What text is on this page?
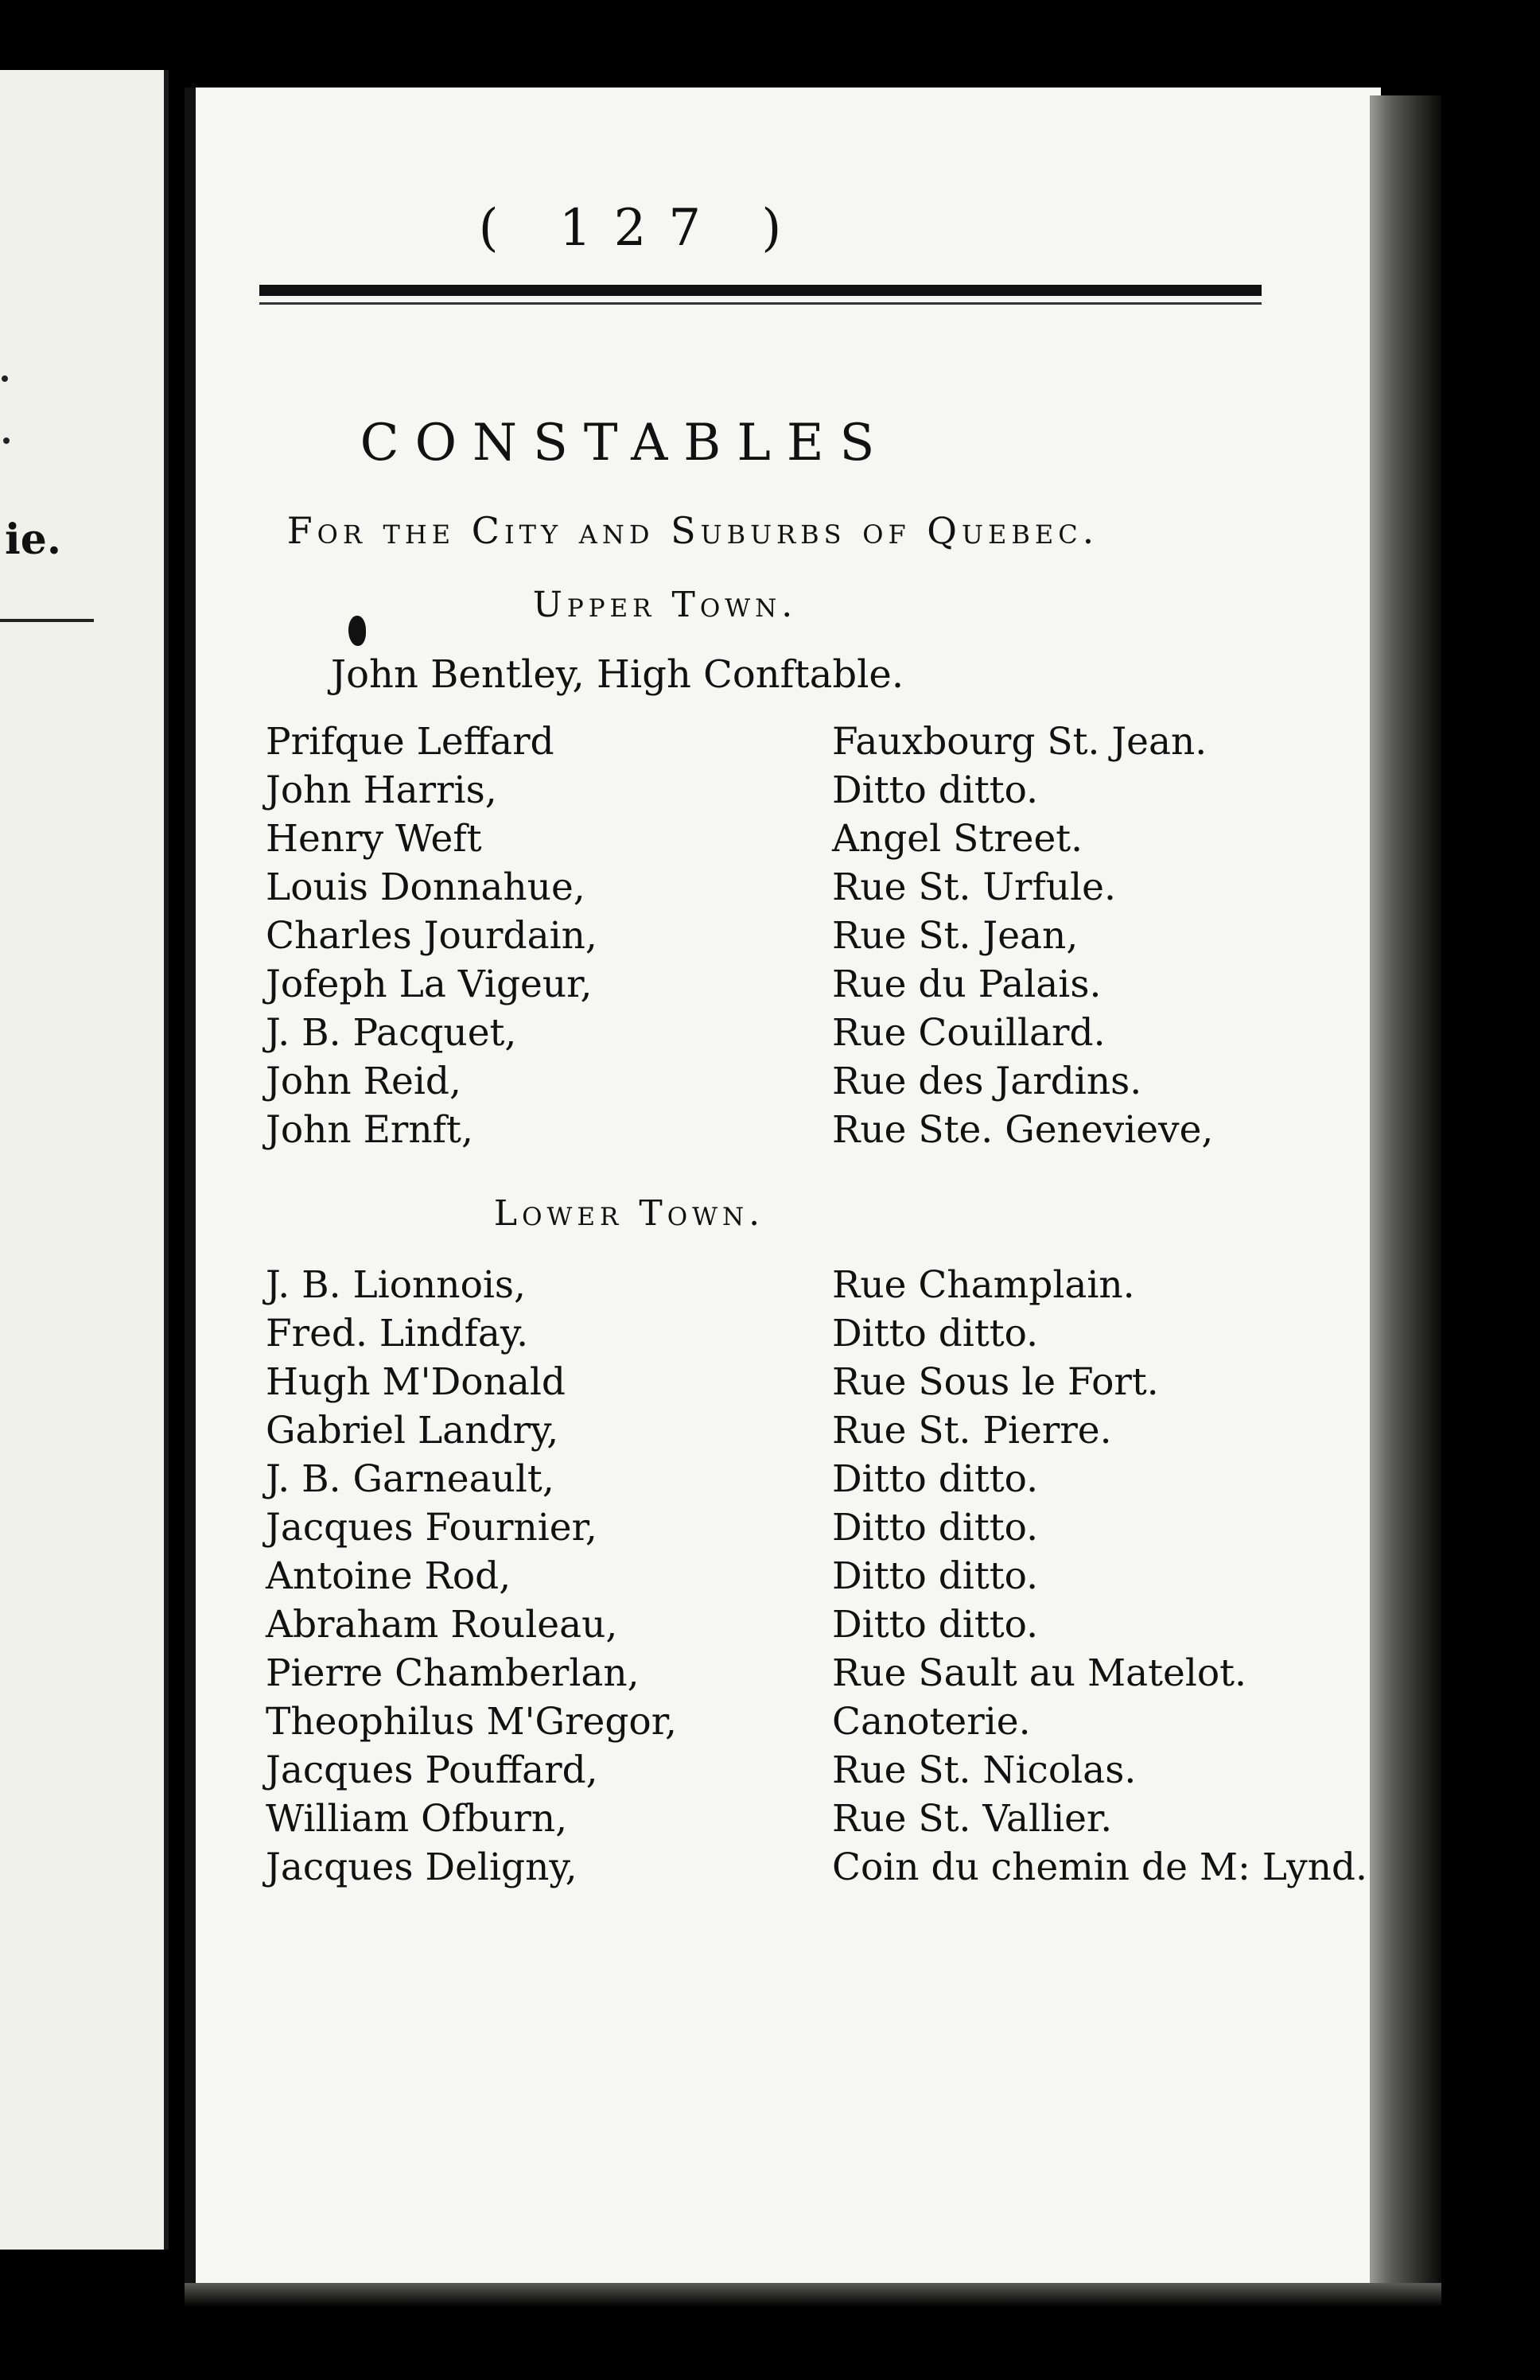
ie.
( 127 )
CONSTABLES
For the City and Suburbs of Quebec.
Upper Town.
John Bentley, High Conftable.
Prifque Leffard	Fauxbourg St. Jean.
John Harris,	Ditto ditto.
Henry Weft	Angel Street.
Louis Donnahue,	Rue St. Urfule.
Charles Jourdain,	Rue St. Jean,
Jofeph La Vigeur,	Rue du Palais.
J. B. Pacquet,	Rue Couillard.
John Reid,	Rue des Jardins.
John Ernft,	Rue Ste. Genevieve,
Lower Town.
J. B. Lionnois,	Rue Champlain.
Fred. Lindfay.	Ditto ditto.
Hugh M'Donald	Rue Sous le Fort.
Gabriel Landry,	Rue St. Pierre.
J. B. Garneault,	Ditto ditto.
Jacques Fournier,	Ditto ditto.
Antoine Rod,	Ditto ditto.
Abraham Rouleau,	Ditto ditto.
Pierre Chamberlan,	Rue Sault au Matelot.
Theophilus M'Gregor,	Canoterie.
Jacques Pouffard,	Rue St. Nicolas.
William Ofburn,	Rue St. Vallier.
Jacques Deligny,	Coin du chemin de M: Lynd.
